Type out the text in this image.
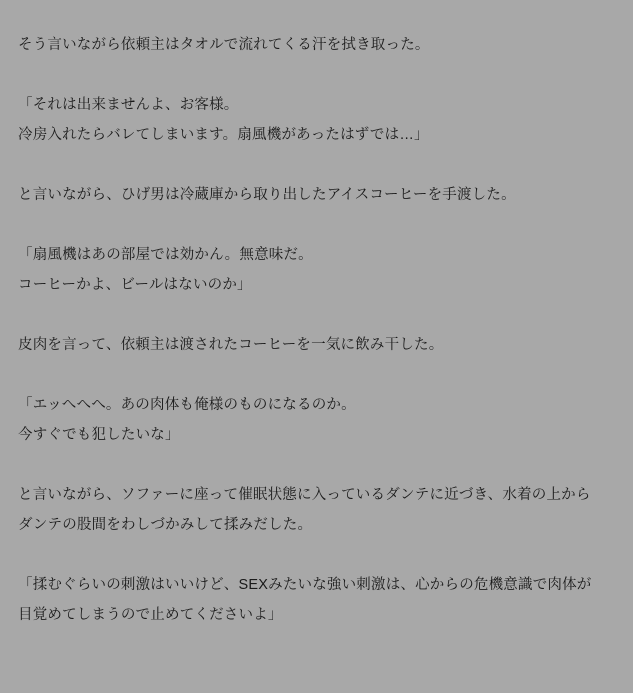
そう言いながら依頼主はタオルで流れてくる汗を拭き取った。
「それは出来ませんよ、お客様。
冷房入れたらバレてしまいます。扇風機があったはずでは…」
と言いながら、ひげ男は冷蔵庫から取り出したアイスコーヒーを手渡した。
「扇風機はあの部屋では効かん。無意味だ。
コーヒーかよ、ビールはないのか」
皮肉を言って、依頼主は渡されたコーヒーを一気に飲み干した。
「エッへへへ。あの肉体も俺様のものになるのか。
今すぐでも犯したいな」
と言いながら、ソファーに座って催眠状態に入っているダンテに近づき、水着の上から
ダンテの股間をわしづかみして揉みだした。
「揉むぐらいの刺激はいいけど、SEXみたいな強い刺激は、心からの危機意識で肉体が
目覚めてしまうので止めてくださいよ」
